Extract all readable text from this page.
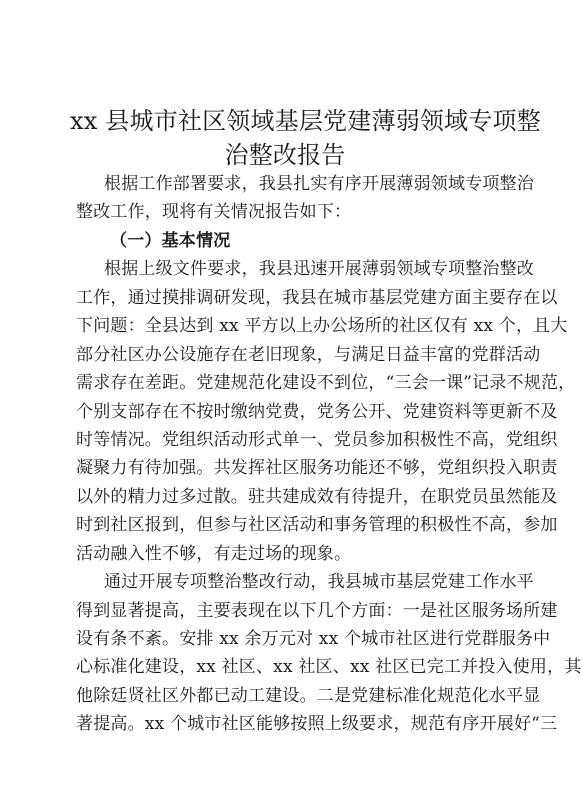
xx 县城市社区领域基层党建薄弱领域专项整
治整改报告
根据工作部署要求，我县扎实有序开展薄弱领域专项整治
整改工作，现将有关情况报告如下：
（一）基本情况
根据上级文件要求，我县迅速开展薄弱领域专项整治整改
工作，通过摸排调研发现，我县在城市基层党建方面主要存在以
下问题：全县达到 xx 平方以上办公场所的社区仅有 xx 个，且大
部分社区办公设施存在老旧现象，与满足日益丰富的党群活动
需求存在差距。党建规范化建设不到位，“三会一课”记录不规范，
个别支部存在不按时缴纳党费，党务公开、党建资料等更新不及
时等情况。党组织活动形式单一、党员参加积极性不高，党组织
凝聚力有待加强。共发挥社区服务功能还不够，党组织投入职责
以外的精力过多过散。驻共建成效有待提升，在职党员虽然能及
时到社区报到，但参与社区活动和事务管理的积极性不高，参加
活动融入性不够，有走过场的现象。
通过开展专项整治整改行动，我县城市基层党建工作水平
得到显著提高，主要表现在以下几个方面：一是社区服务场所建
设有条不紊。安排 xx 余万元对 xx 个城市社区进行党群服务中
心标准化建设，xx 社区、xx 社区、xx 社区已完工并投入使用，其
他除廷贤社区外都已动工建设。二是党建标准化规范化水平显
著提高。xx 个城市社区能够按照上级要求，规范有序开展好“三
